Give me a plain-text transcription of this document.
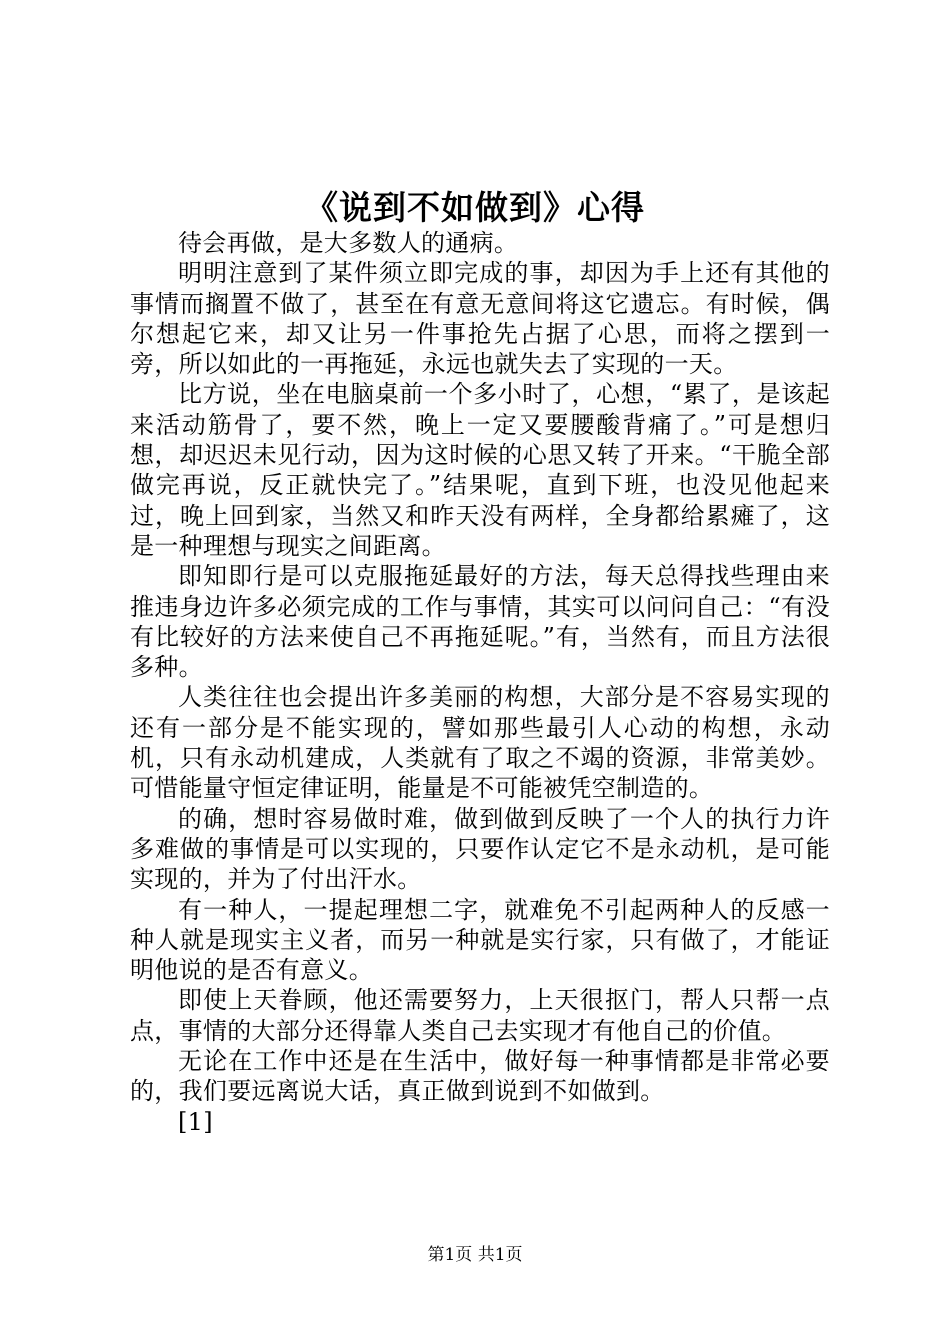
《说到不如做到》心得

待会再做，是大多数人的通病。

明明注意到了某件须立即完成的事，却因为手上还有其他的事情而搁置不做了，甚至在有意无意间将这它遗忘。有时候，偶尔想起它来，却又让另一件事抢先占据了心思，而将之摆到一旁，所以如此的一再拖延，永远也就失去了实现的一天。

比方说，坐在电脑桌前一个多小时了，心想，“累了，是该起来活动筋骨了，要不然，晚上一定又要腰酸背痛了。”可是想归想，却迟迟未见行动，因为这时候的心思又转了开来。“干脆全部做完再说，反正就快完了。”结果呢，直到下班，也没见他起来过，晚上回到家，当然又和昨天没有两样，全身都给累瘫了，这是一种理想与现实之间距离。

即知即行是可以克服拖延最好的方法，每天总得找些理由来推违身边许多必须完成的工作与事情，其实可以问问自己：“有没有比较好的方法来使自己不再拖延呢。”有，当然有，而且方法很多种。

人类往往也会提出许多美丽的构想，大部分是不容易实现的还有一部分是不能实现的，譬如那些最引人心动的构想，永动机，只有永动机建成，人类就有了取之不竭的资源，非常美妙。可惜能量守恒定律证明，能量是不可能被凭空制造的。

的确，想时容易做时难，做到做到反映了一个人的执行力许多难做的事情是可以实现的，只要作认定它不是永动机，是可能实现的，并为了付出汗水。

有一种人，一提起理想二字，就难免不引起两种人的反感一种人就是现实主义者，而另一种就是实行家，只有做了，才能证明他说的是否有意义。

即使上天眷顾，他还需要努力，上天很抠门，帮人只帮一点点，事情的大部分还得靠人类自己去实现才有他自己的价值。

无论在工作中还是在生活中，做好每一种事情都是非常必要的，我们要远离说大话，真正做到说到不如做到。

[1]

第1页 共1页
